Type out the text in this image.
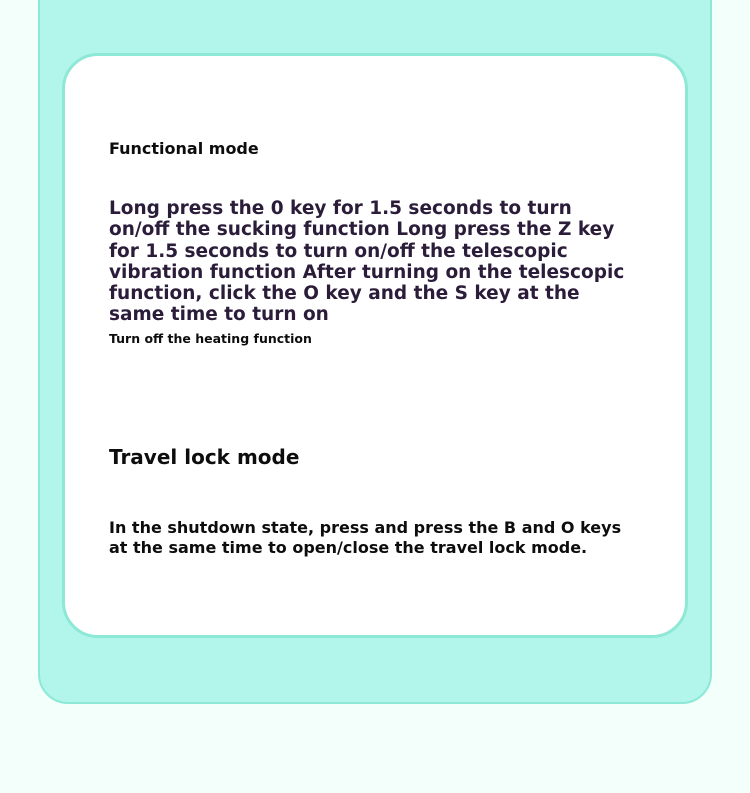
Functional mode

Long press the 0 key for 1.5 seconds to turn on/off the sucking function Long press the Z key for 1.5 seconds to turn on/off the telescopic vibration function After turning on the telescopic function, click the O key and the S key at the same time to turn on

Turn off the heating function

Travel lock mode

In the shutdown state, press and press the B and O keys at the same time to open/close the travel lock mode.
